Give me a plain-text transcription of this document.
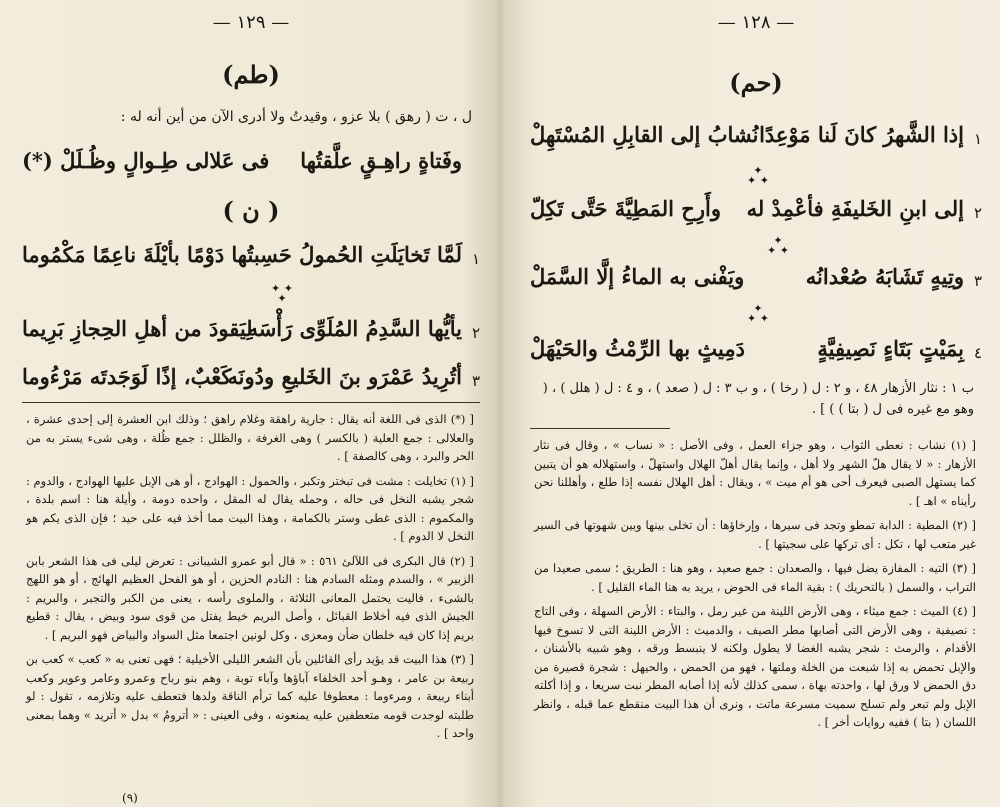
— ١٢٩ —
(طم)
ل ، ت ( رهق ) بلا عزو ، وقيدتُ ولا أدرى الآن من أين أنه له :
وفَتاةٍ راهِـقٍ علَّقتُها
فى عَلالى طِـوالٍ وظُـلَلْ (*)
( ن )
١
لَمَّا تَخايَلَتِ الحُمولُ حَسِبتُها
دَوْمًا بأيْلَةَ ناعِمًا مَكْمُوما
✦ ✦
✦
٢
يأيُّها السَّدِمُ المُلَوِّى رَأْسَه
لِيَقودَ من أهلِ الحِجازِ بَرِيما
٣
أتُرِيدُ عَمْرَو بنَ الخَليعِ ودُونَه
كَعْبٌ، إذًا لَوَجَدتَه مَرْءُوما

[ (*) الذى فى اللغة أنه يقال : جارية راهقة وغلام راهق ؛ وذلك ابن العشرة إلى إحدى عشرة ، والعلالى : جمع العلية ( بالكسر ) وهى الغرفة ، والظلل : جمع ظُلة ، وهى شىء يستر به من الحر والبرد ، وهى كالصفة ] .

[ (١) تخايلت : مشت فى تبختر وتكبر ، والحمول : الهوادج ، أو هى الإبل عليها الهوادج ، والدوم : شجر يشبه النخل فى حاله ، وحمله يقال له المقل ، واحده دومة ، وأيلة هنا : اسم بلدة ، والمكموم : الذى غطى وستر بالكمامة ، وهذا البيت مما أخذ فيه على حيد ؛ فإن الذى يكم هو النخل لا الدوم ] .

[ (٢) قال البكرى فى اللآلئ ٥٦١ : « قال أبو عمرو الشيبانى : تعرض ليلى فى هذا الشعر بابن الزبير » ، والسدم ومثله السادم هنا : النادم الحزين ، أو هو الفحل العظيم الهائج ، أو هو اللهج بالشىء ، فاليت يحتمل المعانى الثلاثة ، والملوى رأسه ، يعنى من الكبر والتجبر ، والبريم : الجيش الذى فيه أخلاط القبائل ، وأصل البريم خيط يفتل من قوى سود وبيض ، يقال : قطيع بريم إذا كان فيه خلطان ضأن ومعزى ، وكل لونين اجتمعا مثل السواد والبياض فهو البريم ] .

[ (٣) هذا البيت قد يؤيد رأى القائلين بأن الشعر الليلى الأخيلية ؛ فهى تعنى به « كعب » كعب بن ربيعة بن عامر ، وهـو أحد الخلفاء آباؤها وآباء توبة ، وهم بنو رباح وعمرو وعامر وعوير وكعب أبناء ربيعة ، ومرءوما : معطوفا عليه كما ترأم الناقة ولدها فتعطف عليه وتلازمه ، تقول : لو طلبته لوجدت قومه متعطفين عليه يمنعونه ، وفى العينى : « أترومُ » بدل « أتريد » وهما بمعنى واحد ] .

(٩)
— ١٢٨ —
(حم)
١
إذا الشَّهرُ كانَ لَنا مَوْعِدًا
نُشابُ إلى القابِلِ المُسْتَهِلْ
✦
✦ ✦
٢
إلى ابنِ الخَليفَةِ فأعْمِدْ له
وأَرِحِ المَطِيَّةَ حَتَّى تَكِلّ
✦
✦ ✦
٣
وتِيهٍ تَشَابَهُ صُعْدانُه
ويَفْنى به الماءُ إلَّا السَّمَلْ
✦
✦ ✦
٤
بِمَيْتٍ بَتَاءٍ نَصِيفِيَّةٍ
دَمِيثٍ بها الرِّمْثُ والحَيْهَلْ
ب ١ : نثار الأزهار ٤٨ ، و ٢ : ل ( رخا ) ، و ب ٣ : ل ( صعد ) ، و ٤ : ل ( هلل ) ، ( وهو مع غيره فى ل ( بتا ) ) ] .

[ (١) نشاب : نعطى الثواب ، وهو جزاء العمل ، وفى الأصل : « نساب » ، وقال فى نثار الأزهار : « لا يقال هلّ الشهر ولا أهل ، وإنما يقال أهلّ الهلال واستهلّ ، واستهلاله هو أن يتبين كما يستهل الصبى فيعرف أحى هو أم ميت » ، ويقال : أهل الهلال نفسه إذا طلع ، وأهللنا نحن رأيناه » اهـ ] .

[ (٢) المطية : الدابة تمطو وتجد فى سيرها ، وإرخاؤها : أن تخلى بينها وبين شهوتها فى السير غير متعب لها ، تكل : أى تركها على سجيتها ] .

[ (٣) التيه : المفازة يضل فيها ، والصعدان : جمع صعيد ، وهو هنا : الطريق ؛ سمى صعيدا من التراب ، والسمل ( بالتحريك ) : بقية الماء فى الحوض ، يريد به هنا الماء القليل ] .

[ (٤) الميث : جمع ميثاء ، وهى الأرض اللينة من غير رمل ، والبتاء : الأرض السهلة ، وفى التاج : نصيفية ، وهى الأرض التى أصابها مطر الصيف ، والدميث : الأرض اللينة التى لا تسوخ فيها الأقدام ، والرمث : شجر يشبه الغضا لا يطول ولكنه لا ينبسط ورقه ، وهو شبيه بالأشنان ، والإبل تحمض به إذا شبعت من الخلة وملتها ، فهو من الحمض ، والحيهل : شجرة قصيرة من دق الحمض لا ورق لها ، واحدته بهاة ، سمى كذلك لأنه إذا أصابه المطر نبت سريعا ، و إذا أكلته الإبل ولم تبعر ولم تسلح سميت مسرعة ماتت ، ونرى أن هذا البيت منقطع عما قبله ، وانظر اللسان ( بتا ) ففيه روايات أخر ] .
